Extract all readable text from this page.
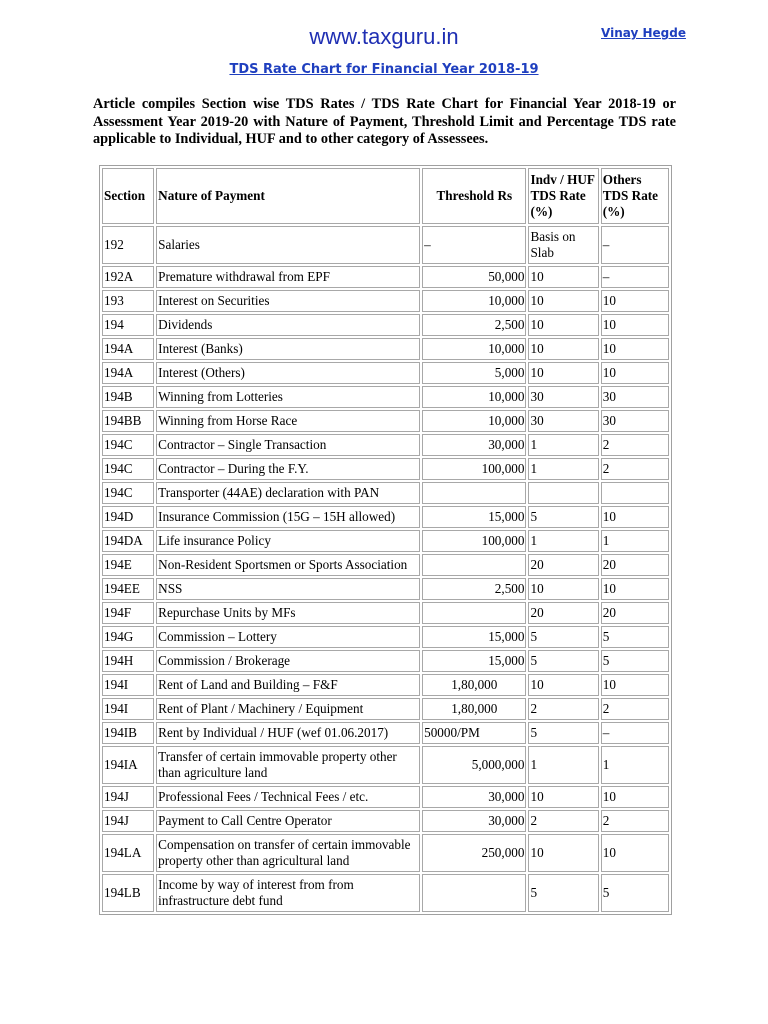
www.taxguru.in	Vinay Hegde
TDS Rate Chart for Financial Year 2018-19
Article compiles Section wise TDS Rates / TDS Rate Chart for Financial Year 2018-19 or Assessment Year 2019-20 with Nature of Payment, Threshold Limit and Percentage TDS rate applicable to Individual, HUF and to other category of Assessees.
Section	Nature of Payment	Threshold Rs	Indv / HUF TDS Rate (%)	Others TDS Rate (%)
192	Salaries	–	Basis on Slab	–
192A	Premature withdrawal from EPF	50,000	10	–
193	Interest on Securities	10,000	10	10
194	Dividends	2,500	10	10
194A	Interest (Banks)	10,000	10	10
194A	Interest (Others)	5,000	10	10
194B	Winning from Lotteries	10,000	30	30
194BB	Winning from Horse Race	10,000	30	30
194C	Contractor – Single Transaction	30,000	1	2
194C	Contractor – During the F.Y.	100,000	1	2
194C	Transporter (44AE) declaration with PAN			
194D	Insurance Commission (15G – 15H allowed)	15,000	5	10
194DA	Life insurance Policy	100,000	1	1
194E	Non-Resident Sportsmen or Sports Association		20	20
194EE	NSS	2,500	10	10
194F	Repurchase Units by MFs		20	20
194G	Commission – Lottery	15,000	5	5
194H	Commission / Brokerage	15,000	5	5
194I	Rent of Land and Building – F&F	1,80,000	10	10
194I	Rent of Plant / Machinery / Equipment	1,80,000	2	2
194IB	Rent by Individual / HUF (wef 01.06.2017)	50000/PM	5	–
194IA	Transfer of certain immovable property other than agriculture land	5,000,000	1	1
194J	Professional Fees / Technical Fees / etc.	30,000	10	10
194J	Payment to Call Centre Operator	30,000	2	2
194LA	Compensation on transfer of certain immovable property other than agricultural land	250,000	10	10
194LB	Income by way of interest from from infrastructure debt fund		5	5
